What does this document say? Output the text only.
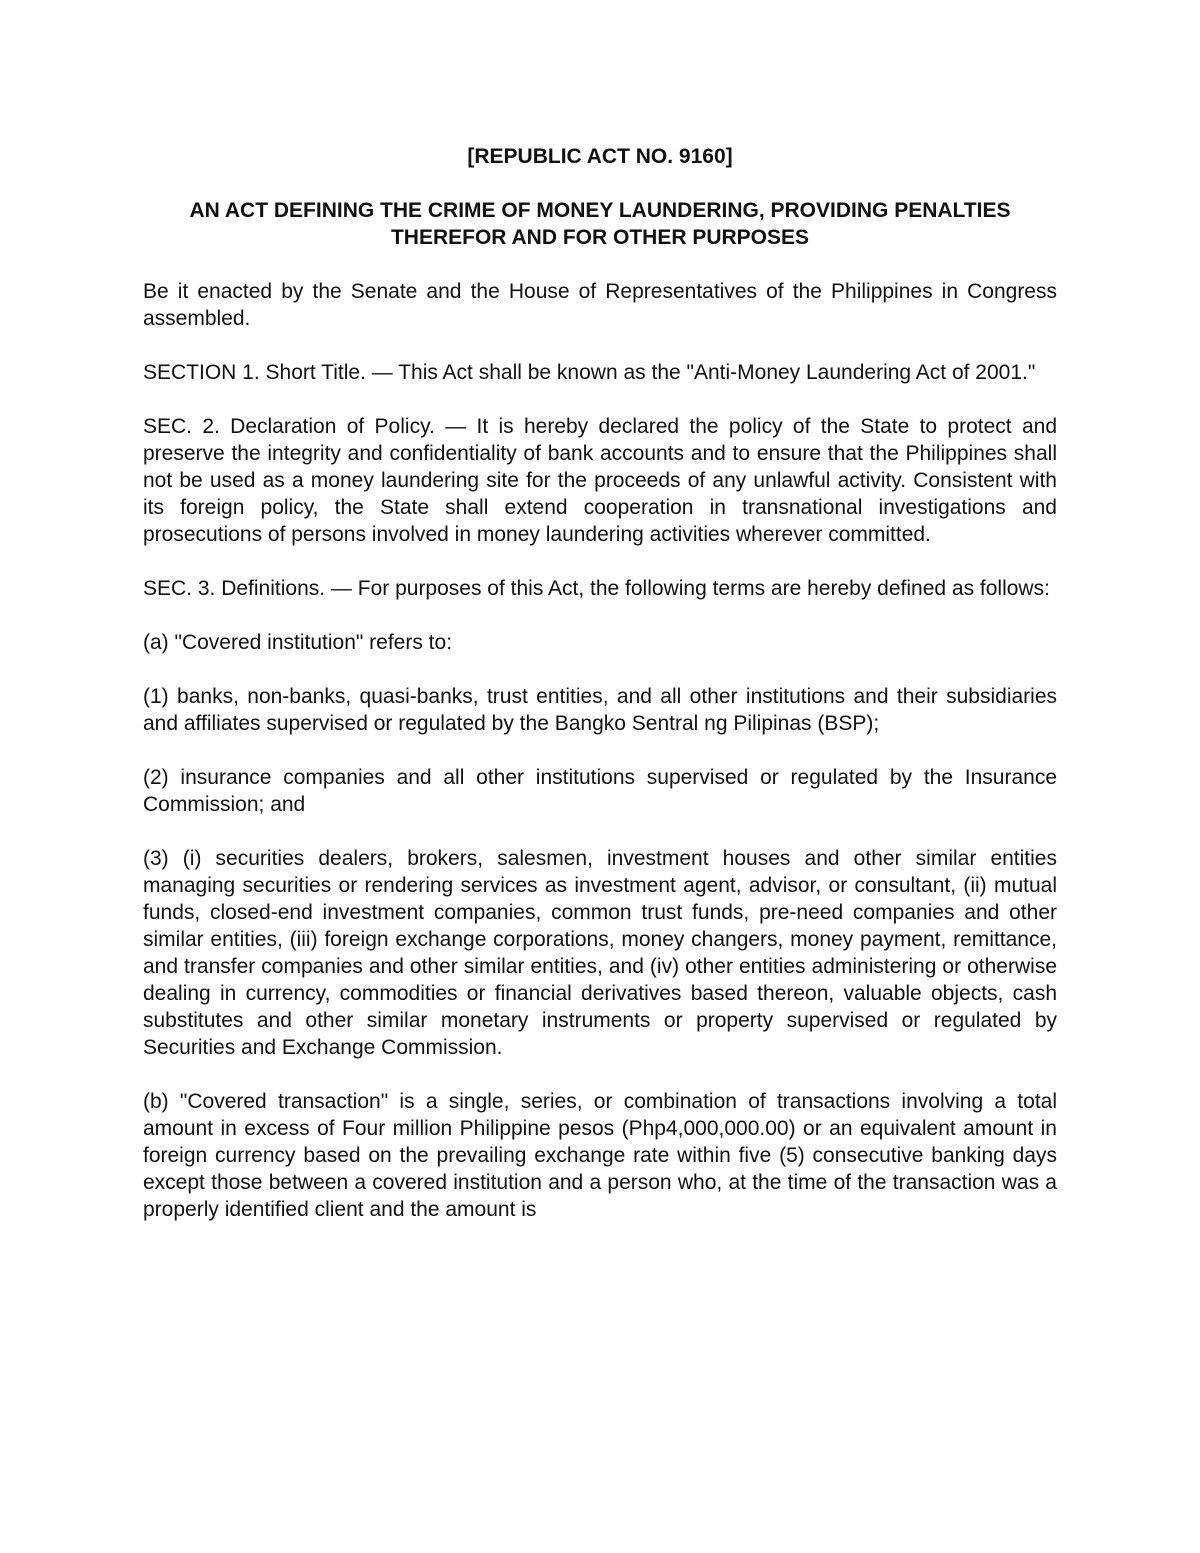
[REPUBLIC ACT NO. 9160]

AN ACT DEFINING THE CRIME OF MONEY LAUNDERING, PROVIDING PENALTIES THEREFOR AND FOR OTHER PURPOSES

Be it enacted by the Senate and the House of Representatives of the Philippines in Congress assembled.

SECTION 1. Short Title. — This Act shall be known as the "Anti-Money Laundering Act of 2001."

SEC. 2. Declaration of Policy. — It is hereby declared the policy of the State to protect and preserve the integrity and confidentiality of bank accounts and to ensure that the Philippines shall not be used as a money laundering site for the proceeds of any unlawful activity. Consistent with its foreign policy, the State shall extend cooperation in transnational investigations and prosecutions of persons involved in money laundering activities wherever committed.

SEC. 3. Definitions. — For purposes of this Act, the following terms are hereby defined as follows:

(a) "Covered institution" refers to:

(1) banks, non-banks, quasi-banks, trust entities, and all other institutions and their subsidiaries and affiliates supervised or regulated by the Bangko Sentral ng Pilipinas (BSP);

(2) insurance companies and all other institutions supervised or regulated by the Insurance Commission; and

(3) (i) securities dealers, brokers, salesmen, investment houses and other similar entities managing securities or rendering services as investment agent, advisor, or consultant, (ii) mutual funds, closed-end investment companies, common trust funds, pre-need companies and other similar entities, (iii) foreign exchange corporations, money changers, money payment, remittance, and transfer companies and other similar entities, and (iv) other entities administering or otherwise dealing in currency, commodities or financial derivatives based thereon, valuable objects, cash substitutes and other similar monetary instruments or property supervised or regulated by Securities and Exchange Commission.

(b) "Covered transaction" is a single, series, or combination of transactions involving a total amount in excess of Four million Philippine pesos (Php4,000,000.00) or an equivalent amount in foreign currency based on the prevailing exchange rate within five (5) consecutive banking days except those between a covered institution and a person who, at the time of the transaction was a properly identified client and the amount is
